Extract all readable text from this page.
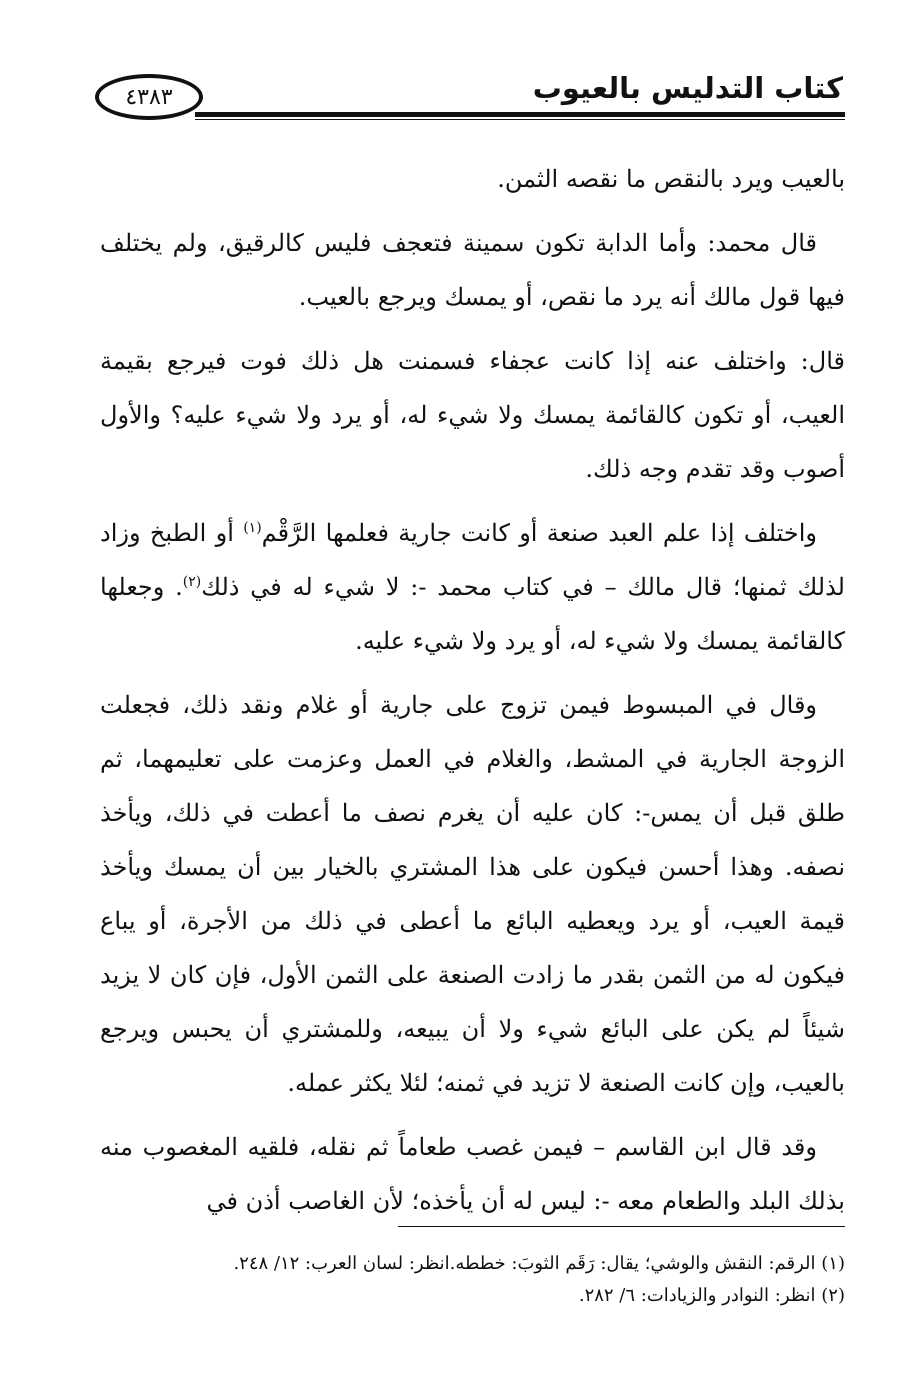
٤٣٨٣	كتاب التدليس بالعيوب

بالعيب ويرد بالنقص ما نقصه الثمن.

قال محمد: وأما الدابة تكون سمينة فتعجف فليس كالرقيق، ولم يختلف فيها قول مالك أنه يرد ما نقص، أو يمسك ويرجع بالعيب.

قال: واختلف عنه إذا كانت عجفاء فسمنت هل ذلك فوت فيرجع بقيمة العيب، أو تكون كالقائمة يمسك ولا شيء له، أو يرد ولا شيء عليه؟ والأول أصوب وقد تقدم وجه ذلك.

واختلف إذا علم العبد صنعة أو كانت جارية فعلمها الرَّقْم$^{(١)}$ أو الطبخ وزاد لذلك ثمنها؛ قال مالك – في كتاب محمد -: لا شيء له في ذلك$^{(٢)}$. وجعلها كالقائمة يمسك ولا شيء له، أو يرد ولا شيء عليه.

وقال في المبسوط فيمن تزوج على جارية أو غلام ونقد ذلك، فجعلت الزوجة الجارية في المشط، والغلام في العمل وعزمت على تعليمهما، ثم طلق قبل أن يمس-: كان عليه أن يغرم نصف ما أعطت في ذلك، ويأخذ نصفه. وهذا أحسن فيكون على هذا المشتري بالخيار بين أن يمسك ويأخذ قيمة العيب، أو يرد ويعطيه البائع ما أعطى في ذلك من الأجرة، أو يباع فيكون له من الثمن بقدر ما زادت الصنعة على الثمن الأول، فإن كان لا يزيد شيئاً لم يكن على البائع شيء ولا أن يبيعه، وللمشتري أن يحبس ويرجع بالعيب، وإن كانت الصنعة لا تزيد في ثمنه؛ لئلا يكثر عمله.

وقد قال ابن القاسم – فيمن غصب طعاماً ثم نقله، فلقيه المغصوب منه بذلك البلد والطعام معه -: ليس له أن يأخذه؛ لأن الغاصب أذن في

(١) الرقم: النقش والوشي؛ يقال: رَقَم الثوبَ: خططه.انظر: لسان العرب: ١٢/ ٢٤٨.
(٢) انظر: النوادر والزيادات: ٦/ ٢٨٢.
